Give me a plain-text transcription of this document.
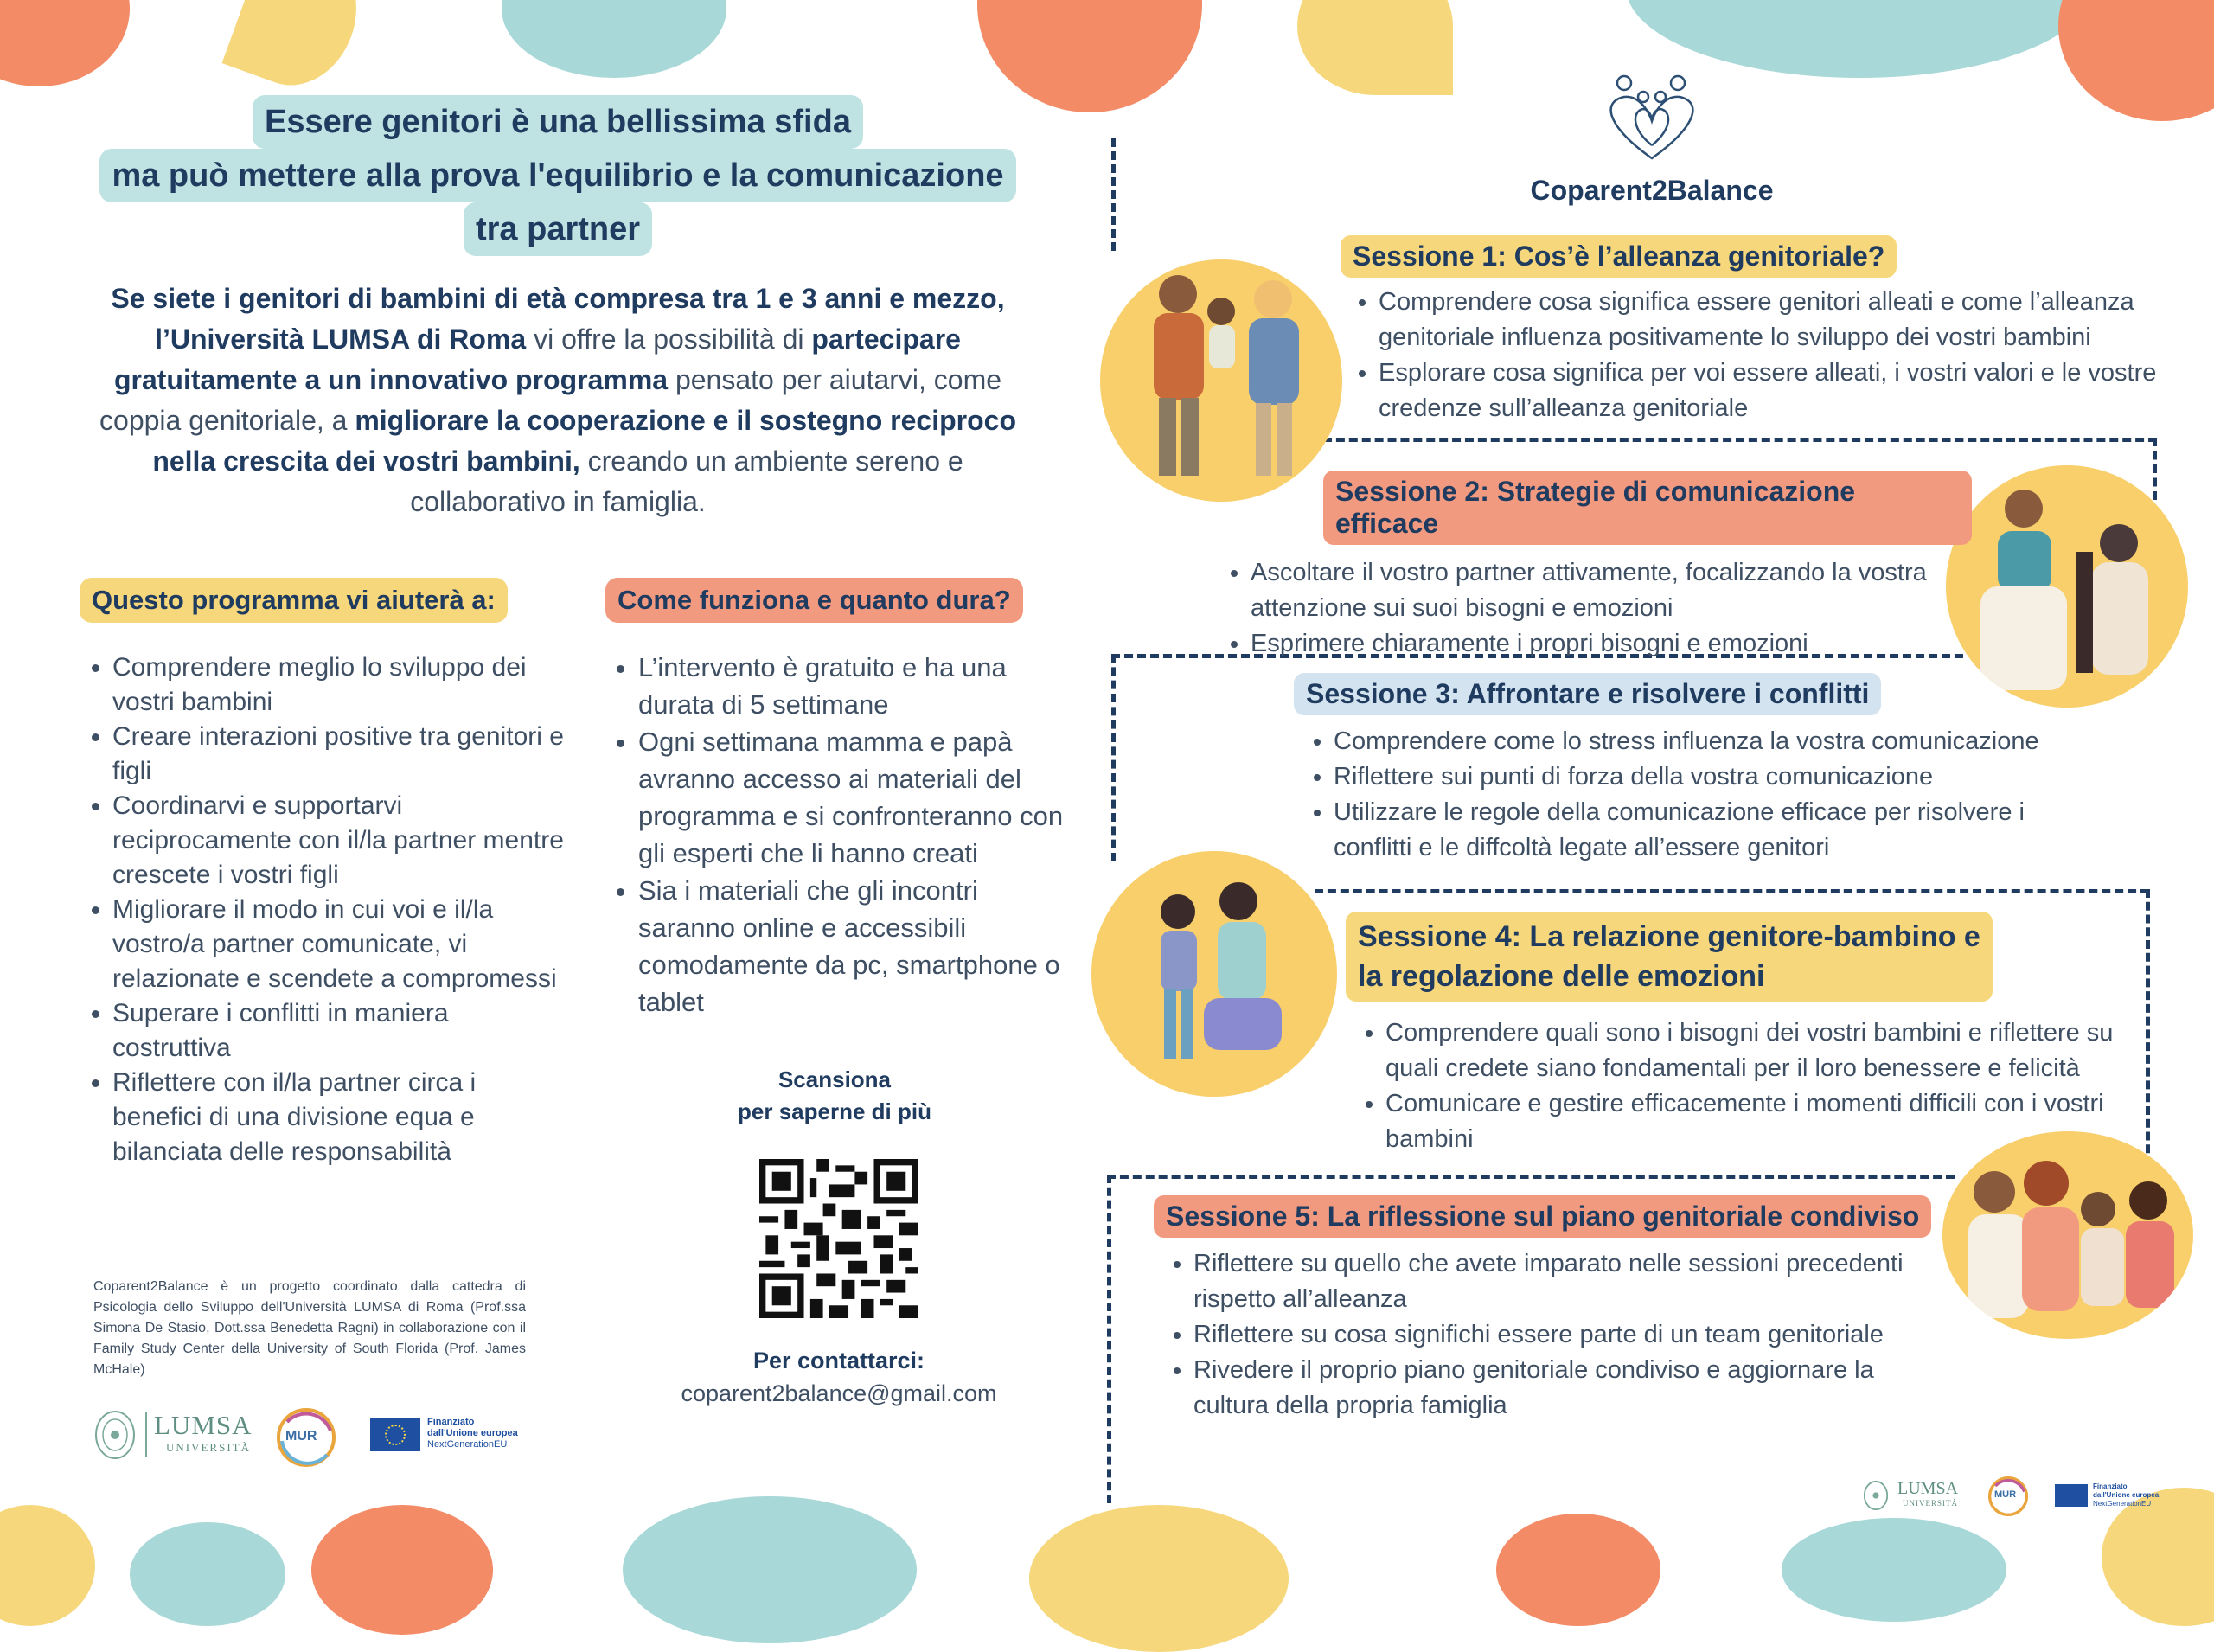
Essere genitori è una bellissima sfida
ma può mettere alla prova l'equilibrio e la comunicazione
tra partner
Se siete i genitori di bambini di età compresa tra 1 e 3 anni e mezzo,
l’Università LUMSA di Roma vi offre la possibilità di partecipare
gratuitamente a un innovativo programma pensato per aiutarvi, come
coppia genitoriale, a migliorare la cooperazione e il sostegno reciproco
nella crescita dei vostri bambini, creando un ambiente sereno e
collaborativo in famiglia.
Questo programma vi aiuterà a:
• Comprendere meglio lo sviluppo dei vostri bambini
• Creare interazioni positive tra genitori e figli
• Coordinarvi e supportarvi reciprocamente con il/la partner mentre crescete i vostri figli
• Migliorare il modo in cui voi e il/la vostro/a partner comunicate, vi relazionate e scendete a compromessi
• Superare i conflitti in maniera costruttiva
• Riflettere con il/la partner circa i benefici di una divisione equa e bilanciata delle responsabilità
Come funziona e quanto dura?
• L’intervento è gratuito e ha una durata di 5 settimane
• Ogni settimana mamma e papà avranno accesso ai materiali del programma e si confronteranno con gli esperti che li hanno creati
• Sia i materiali che gli incontri saranno online e accessibili comodamente da pc, smartphone o tablet
Scansiona
per saperne di più
Per contattarci:
coparent2balance@gmail.com
Coparent2Balance è un progetto coordinato dalla cattedra di Psicologia dello Sviluppo dell'Università LUMSA di Roma (Prof.ssa Simona De Stasio, Dott.ssa Benedetta Ragni) in collaborazione con il Family Study Center della University of South Florida (Prof. James McHale)
LUMSA
UNIVERSITÀ
MUR
Finanziato
dall'Unione europea
NextGenerationEU
Coparent2Balance
Sessione 1: Cos’è l’alleanza genitoriale?
• Comprendere cosa significa essere genitori alleati e come l’alleanza genitoriale influenza positivamente lo sviluppo dei vostri bambini
• Esplorare cosa significa per voi essere alleati, i vostri valori e le vostre credenze sull’alleanza genitoriale
Sessione 2: Strategie di comunicazione efficace
• Ascoltare il vostro partner attivamente, focalizzando la vostra attenzione sui suoi bisogni e emozioni
• Esprimere chiaramente i propri bisogni e emozioni
Sessione 3: Affrontare e risolvere i conflitti
• Comprendere come lo stress influenza la vostra comunicazione
• Riflettere sui punti di forza della vostra comunicazione
• Utilizzare le regole della comunicazione efficace per risolvere i conflitti e le diffcoltà legate all’essere genitori
Sessione 4: La relazione genitore-bambino e
la regolazione delle emozioni
• Comprendere quali sono i bisogni dei vostri bambini e riflettere su quali credete siano fondamentali per il loro benessere e felicità
• Comunicare e gestire efficacemente i momenti difficili con i vostri bambini
Sessione 5: La riflessione sul piano genitoriale condiviso
• Riflettere su quello che avete imparato nelle sessioni precedenti rispetto all’alleanza
• Riflettere su cosa significhi essere parte di un team genitoriale
• Rivedere il proprio piano genitoriale condiviso e aggiornare la cultura della propria famiglia
LUMSA
UNIVERSITÀ
MUR
Finanziato
dall'Unione europea
NextGenerationEU
